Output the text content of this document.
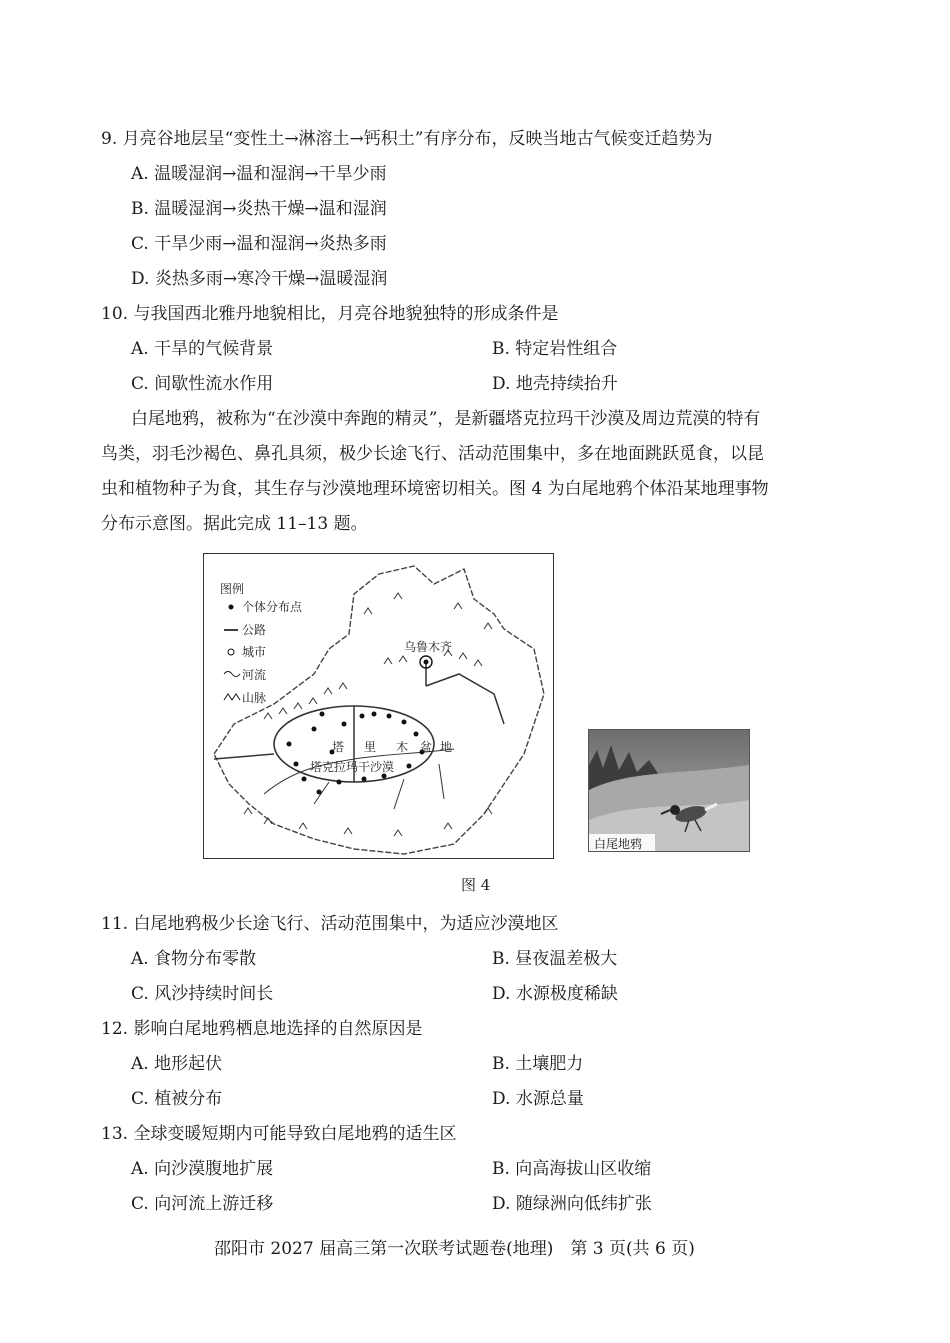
9. 月亮谷地层呈“变性土→淋溶土→钙积土”有序分布，反映当地古气候变迁趋势为
A. 温暖湿润→温和湿润→干旱少雨
B. 温暖湿润→炎热干燥→温和湿润
C. 干旱少雨→温和湿润→炎热多雨
D. 炎热多雨→寒冷干燥→温暖湿润
10. 与我国西北雅丹地貌相比，月亮谷地貌独特的形成条件是
A. 干旱的气候背景	B. 特定岩性组合
C. 间歇性流水作用	D. 地壳持续抬升
白尾地鸦，被称为“在沙漠中奔跑的精灵”，是新疆塔克拉玛干沙漠及周边荒漠的特有
鸟类，羽毛沙褐色、鼻孔具须，极少长途飞行、活动范围集中，多在地面跳跃觅食，以昆
虫和植物种子为食，其生存与沙漠地理环境密切相关。图 4 为白尾地鸦个体沿某地理事物
分布示意图。据此完成 11–13 题。
图例
个体分布点
公路
城市
河流
山脉
乌鲁木齐
塔 里 木 盆 地
塔克拉玛干沙漠
白尾地鸦
图 4
11. 白尾地鸦极少长途飞行、活动范围集中，为适应沙漠地区
A. 食物分布零散	B. 昼夜温差极大
C. 风沙持续时间长	D. 水源极度稀缺
12. 影响白尾地鸦栖息地选择的自然原因是
A. 地形起伏	B. 土壤肥力
C. 植被分布	D. 水源总量
13. 全球变暖短期内可能导致白尾地鸦的适生区
A. 向沙漠腹地扩展	B. 向高海拔山区收缩
C. 向河流上游迁移	D. 随绿洲向低纬扩张
邵阳市 2027 届高三第一次联考试题卷(地理)　第 3 页(共 6 页)
